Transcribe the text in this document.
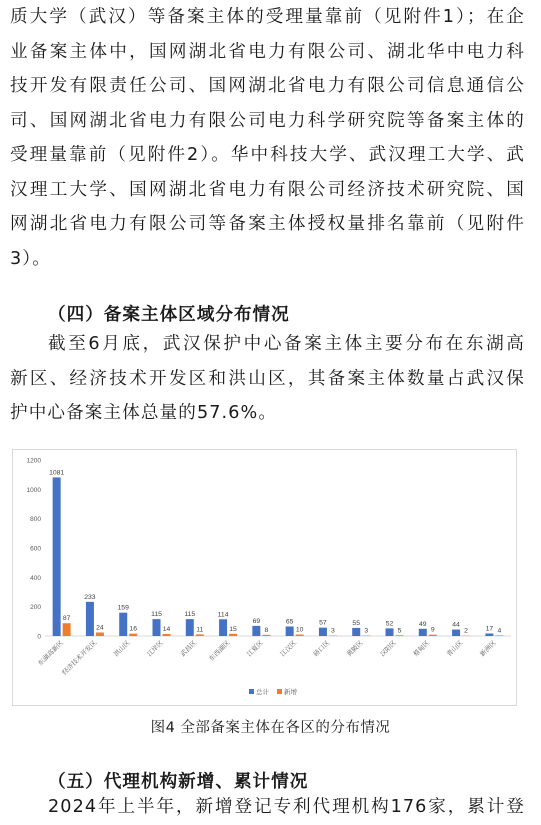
质大学（武汉）等备案主体的受理量靠前（见附件1）；在企
业备案主体中，国网湖北省电力有限公司、湖北华中电力科
技开发有限责任公司、国网湖北省电力有限公司信息通信公
司、国网湖北省电力有限公司电力科学研究院等备案主体的
受理量靠前（见附件2）。华中科技大学、武汉理工大学、武
汉理工大学、国网湖北省电力有限公司经济技术研究院、国
网湖北省电力有限公司等备案主体授权量排名靠前（见附件
3）。
（四）备案主体区域分布情况
截至6月底，武汉保护中心备案主体主要分布在东湖高
新区、经济技术开发区和洪山区，其备案主体数量占武汉保
护中心备案主体总量的57.6%。
0
200
400
600
800
1000
1200
1081
87
东湖高新区
233
24
经济技术开发区
159
16
洪山区
115
14
江岸区
115
11
武昌区
114
15
东西湖区
69
8
江夏区
65
10
江汉区
57
3
硚口区
55
3
黄陂区
52
5
汉阳区
49
9
蔡甸区
44
2
青山区
17 4
新洲区
总计 新增
图4 全部备案主体在各区的分布情况
（五）代理机构新增、累计情况
2024年上半年，新增登记专利代理机构176家，累计登
